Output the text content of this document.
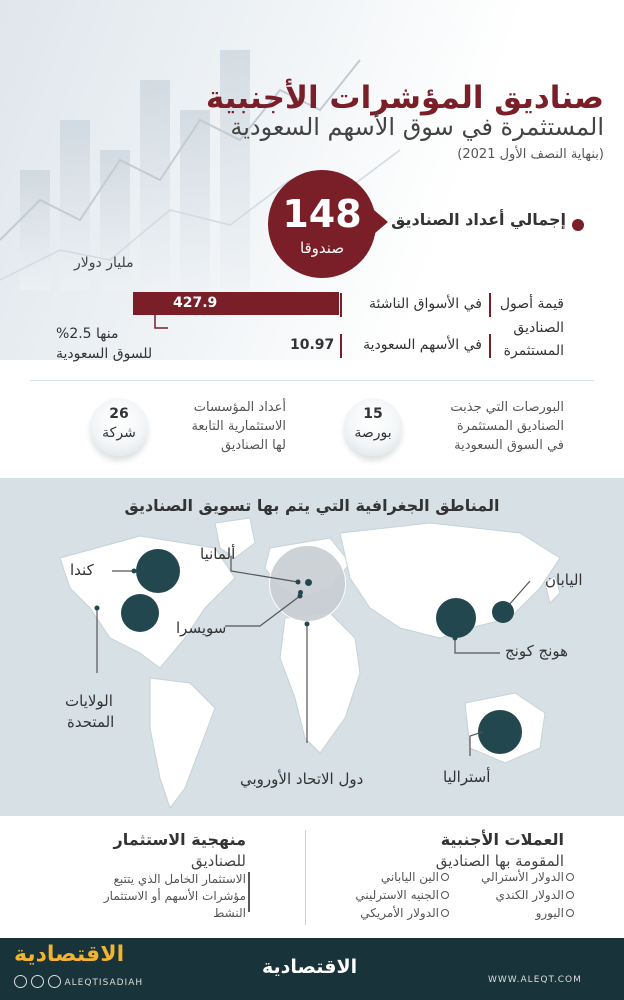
صناديق المؤشرات الأجنبية
المستثمرة في سوق الأسهم السعودية
(بنهاية النصف الأول 2021)
148
صندوقا
إجمالي أعداد الصناديق
مليار دولار
قيمة أصول
الصناديق
المستثمرة
في الأسواق الناشئة
في الأسهم السعودية
427.9
10.97
منها 2.5%
للسوق السعودية
15
بورصة
البورصات التي جذبت
الصناديق المستثمرة
في السوق السعودية
26
شركة
أعداد المؤسسات
الاستثمارية التابعة
لها الصناديق
المناطق الجغرافية التي يتم بها تسويق الصناديق
كندا
ألمانيا
سويسرا
الولايات
المتحدة
دول الاتحاد الأوروبي
اليابان
هونج كونج
أستراليا
العملات الأجنبية
المقومة بها الصناديق
الدولار الأسترالي
الدولار الكندي
اليورو
الين الياباني
الجنيه الاسترليني
الدولار الأمريكي
منهجية الاستثمار
للصناديق
الاستثمار الخامل الذي يتتبع
مؤشرات الأسهم أو الاستثمار
النشط
الاقتصادية
ALEQTISADIAH
الاقتصادية
WWW.ALEQT.COM
